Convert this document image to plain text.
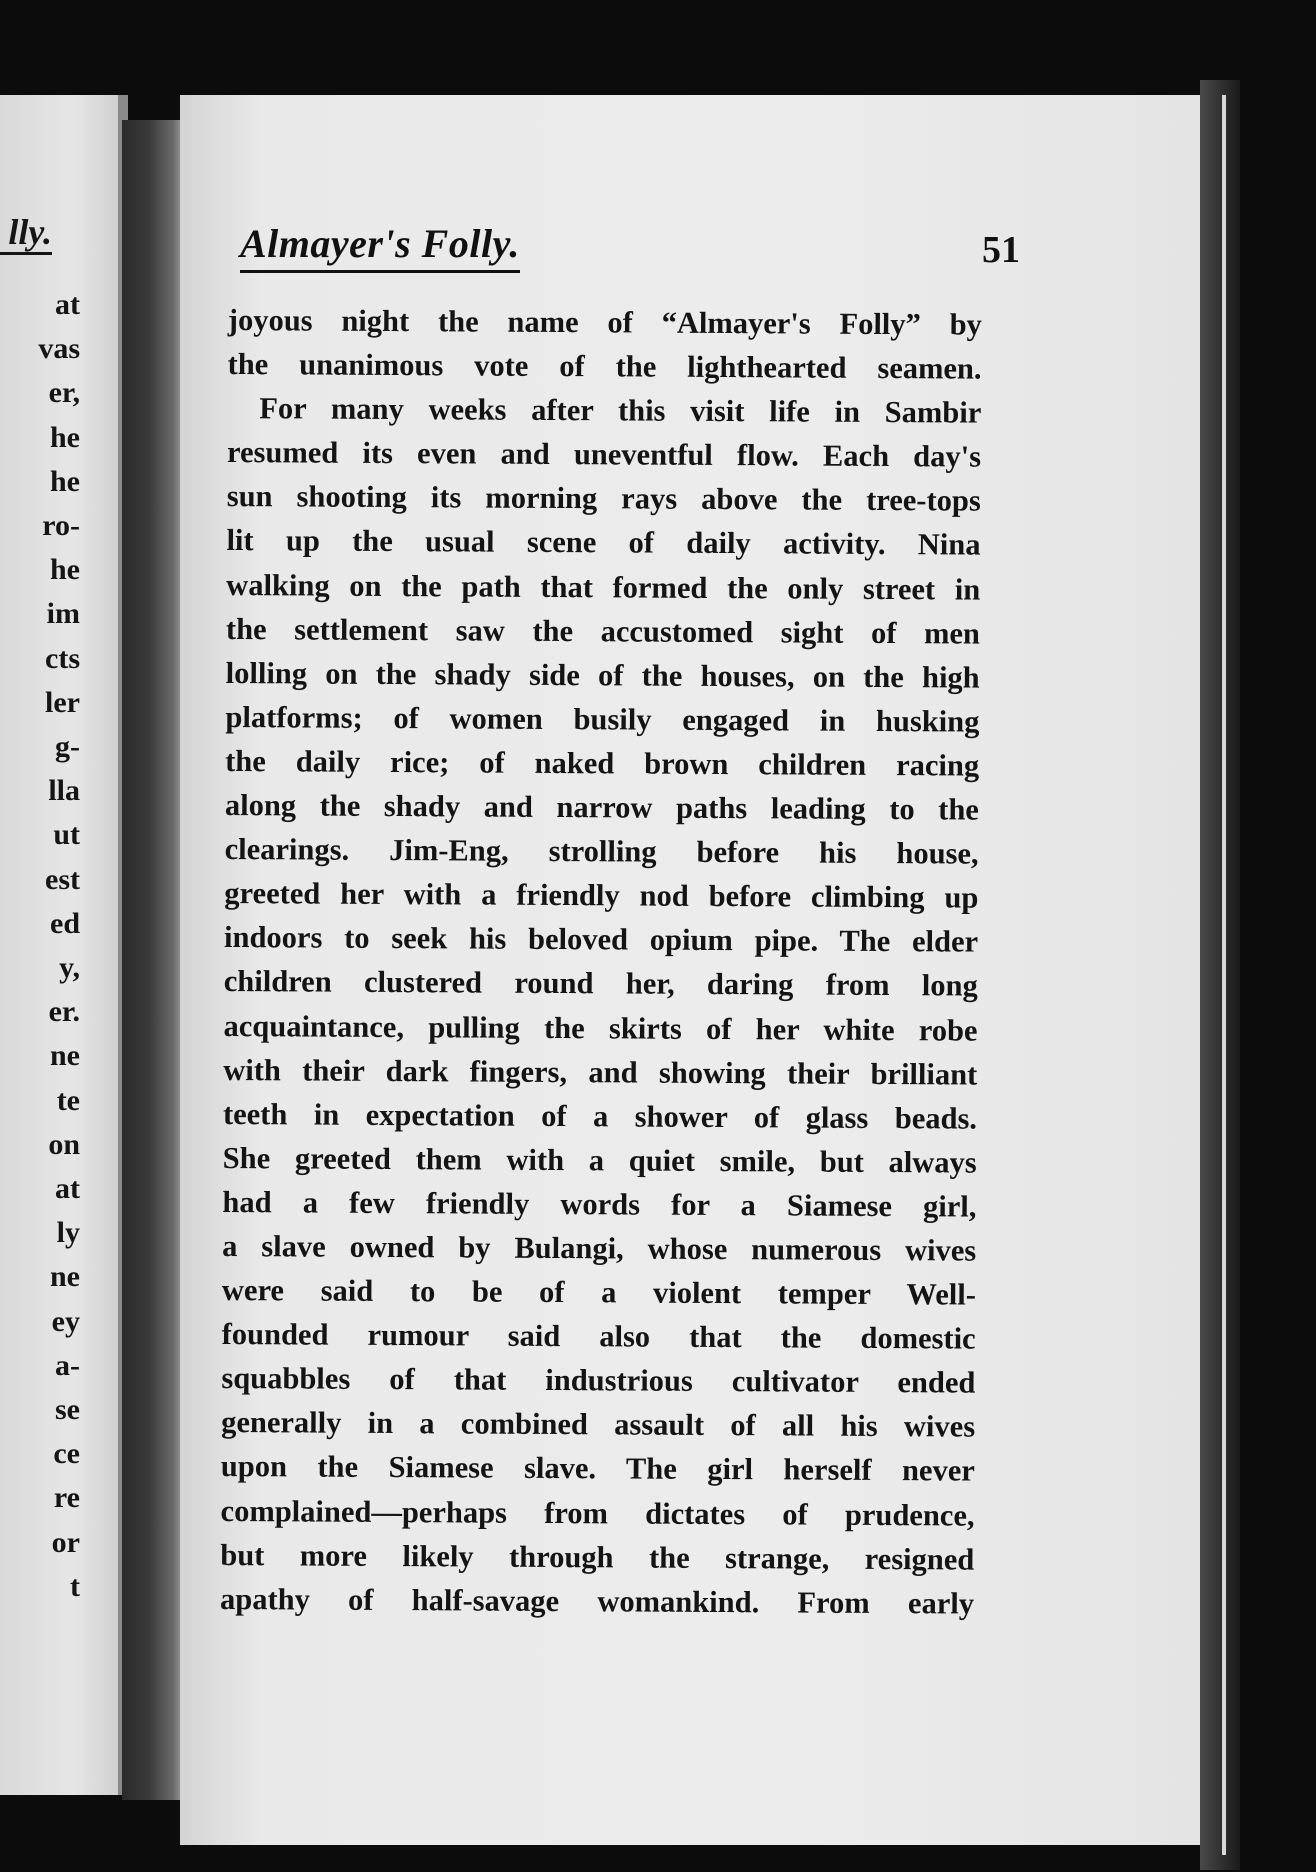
lly.
at
vas
er,
he
he
ro-
he
im
cts
ler
g-
lla
ut
est
ed
y,
er.
ne
te
on
at
ly
ne
ey
a-
se
ce
re
or
t
Almayer's Folly.	51
joyous night the name of “Almayer's Folly” by
the unanimous vote of the lighthearted seamen.
For many weeks after this visit life in Sambir
resumed its even and uneventful flow. Each day's
sun shooting its morning rays above the tree-tops
lit up the usual scene of daily activity. Nina
walking on the path that formed the only street in
the settlement saw the accustomed sight of men
lolling on the shady side of the houses, on the high
platforms; of women busily engaged in husking
the daily rice; of naked brown children racing
along the shady and narrow paths leading to the
clearings. Jim-Eng, strolling before his house,
greeted her with a friendly nod before climbing up
indoors to seek his beloved opium pipe. The elder
children clustered round her, daring from long
acquaintance, pulling the skirts of her white robe
with their dark fingers, and showing their brilliant
teeth in expectation of a shower of glass beads.
She greeted them with a quiet smile, but always
had a few friendly words for a Siamese girl,
a slave owned by Bulangi, whose numerous wives
were said to be of a violent temper Well-
founded rumour said also that the domestic
squabbles of that industrious cultivator ended
generally in a combined assault of all his wives
upon the Siamese slave. The girl herself never
complained—perhaps from dictates of prudence,
but more likely through the strange, resigned
apathy of half-savage womankind. From early
